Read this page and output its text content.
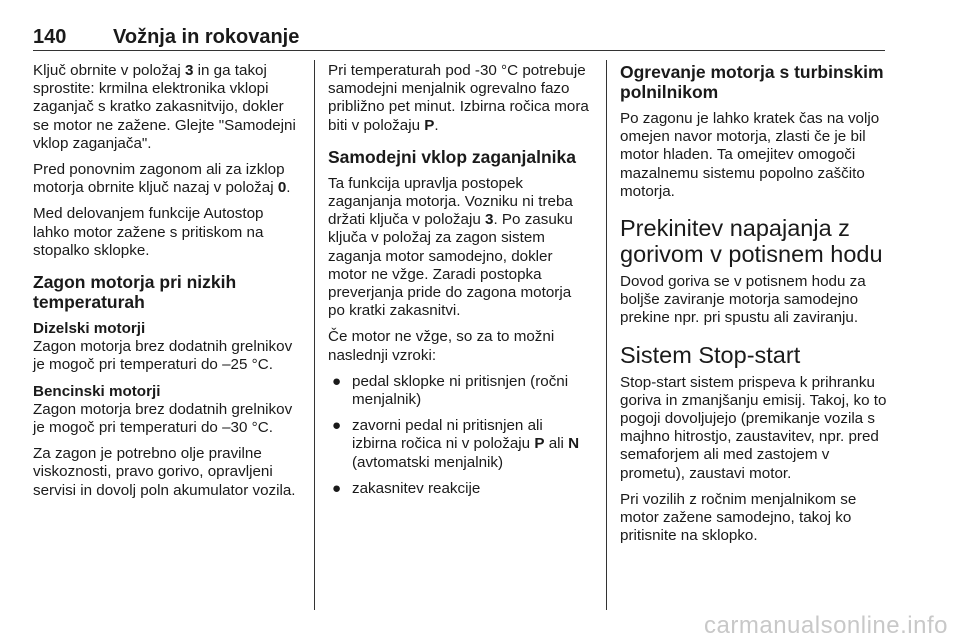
140 Vožnja in rokovanje

Ključ obrnite v položaj 3 in ga takoj sprostite: krmilna elektronika vklopi zaganjač s kratko zakasnitvijo, dokler se motor ne zažene. Glejte "Samodejni vklop zaganjača".

Pred ponovnim zagonom ali za izklop motorja obrnite ključ nazaj v položaj 0.

Med delovanjem funkcije Autostop lahko motor zažene s pritiskom na stopalko sklopke.

Zagon motorja pri nizkih temperaturah
Dizelski motorji

Zagon motorja brez dodatnih grelnikov je mogoč pri temperaturi do –25 °C.

Bencinski motorji

Zagon motorja brez dodatnih grelnikov je mogoč pri temperaturi do –30 °C.

Za zagon je potrebno olje pravilne viskoznosti, pravo gorivo, opravljeni servisi in dovolj poln akumulator vozila.

Pri temperaturah pod -30 °C potrebuje samodejni menjalnik ogrevalno fazo približno pet minut. Izbirna ročica mora biti v položaju P.

Samodejni vklop zaganjalnika

Ta funkcija upravlja postopek zaganjanja motorja. Vozniku ni treba držati ključa v položaju 3. Po zasuku ključa v položaj za zagon sistem zaganja motor samodejno, dokler motor ne vžge. Zaradi postopka preverjanja pride do zagona motorja po kratki zakasnitvi.

Če motor ne vžge, so za to možni naslednji vzroki:

● pedal sklopke ni pritisnjen (ročni menjalnik)
● zavorni pedal ni pritisnjen ali izbirna ročica ni v položaju P ali N (avtomatski menjalnik)
● zakasnitev reakcije
Ogrevanje motorja s turbinskim polnilnikom

Po zagonu je lahko kratek čas na voljo omejen navor motorja, zlasti če je bil motor hladen. Ta omejitev omogoči mazalnemu sistemu popolno zaščito motorja.

Prekinitev napajanja z gorivom v potisnem hodu

Dovod goriva se v potisnem hodu za boljše zaviranje motorja samodejno prekine npr. pri spustu ali zaviranju.

Sistem Stop-start

Stop-start sistem prispeva k prihranku goriva in zmanjšanju emisij. Takoj, ko to pogoji dovoljujejo (premikanje vozila s majhno hitrostjo, zaustavitev, npr. pred semaforjem ali med zastojem v prometu), zaustavi motor.

Pri vozilih z ročnim menjalnikom se motor zažene samodejno, takoj ko pritisnite na sklopko.

carmanualsonline.info
